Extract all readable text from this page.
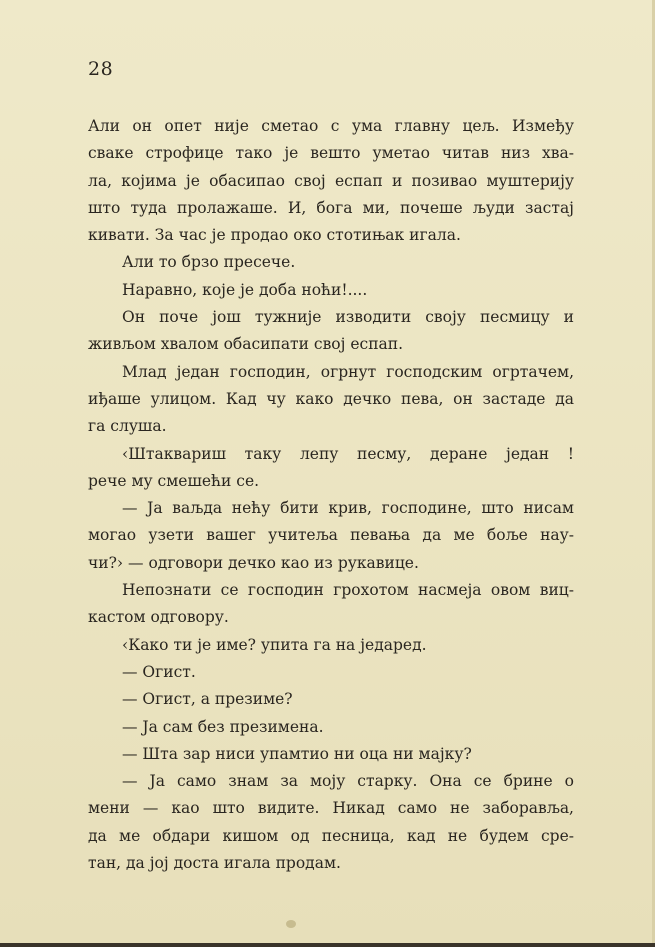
28
Али он опет није сметао с ума главну цељ. Између
сваке строфице тако је вешто уметао читав низ хва-
ла, којима је обасипао свој еспап и позивао муштерију
што туда пролажаше. И, бога ми, почеше људи застај
кивати. За час је продао око стотињак игала.
Али то брзо пресече.
Наравно, које је доба ноћи!....
Он поче још тужније изводити своју песмицу и
живљом хвалом обасипати свој еспап.
Млад један господин, огрнут господским огртачем,
иђаше улицом. Кад чу како дечко пева, он застаде да
га слуша.
‹Штаквариш таку лепу песму, деране један !
рече му смешећи се.
— Ја ваљда нећу бити крив, господине, што нисам
могао узети вашег учитеља певања да ме боље нау-
чи?› — одговори дечко као из рукавице.
Непознати се господин грохотом насмеја овом виц-
кастом одговору.
‹Како ти је име? упита га на једаред.
— Огист.
— Огист, а презиме?
— Ја сам без презимена.
— Шта зар ниси упамтио ни оца ни мајку?
— Ја само знам за моју старку. Она се брине о
мени — као што видите. Никад само не заборавља,
да ме обдари кишом од песница, кад не будем сре-
тан, да јој доста игала продам.
